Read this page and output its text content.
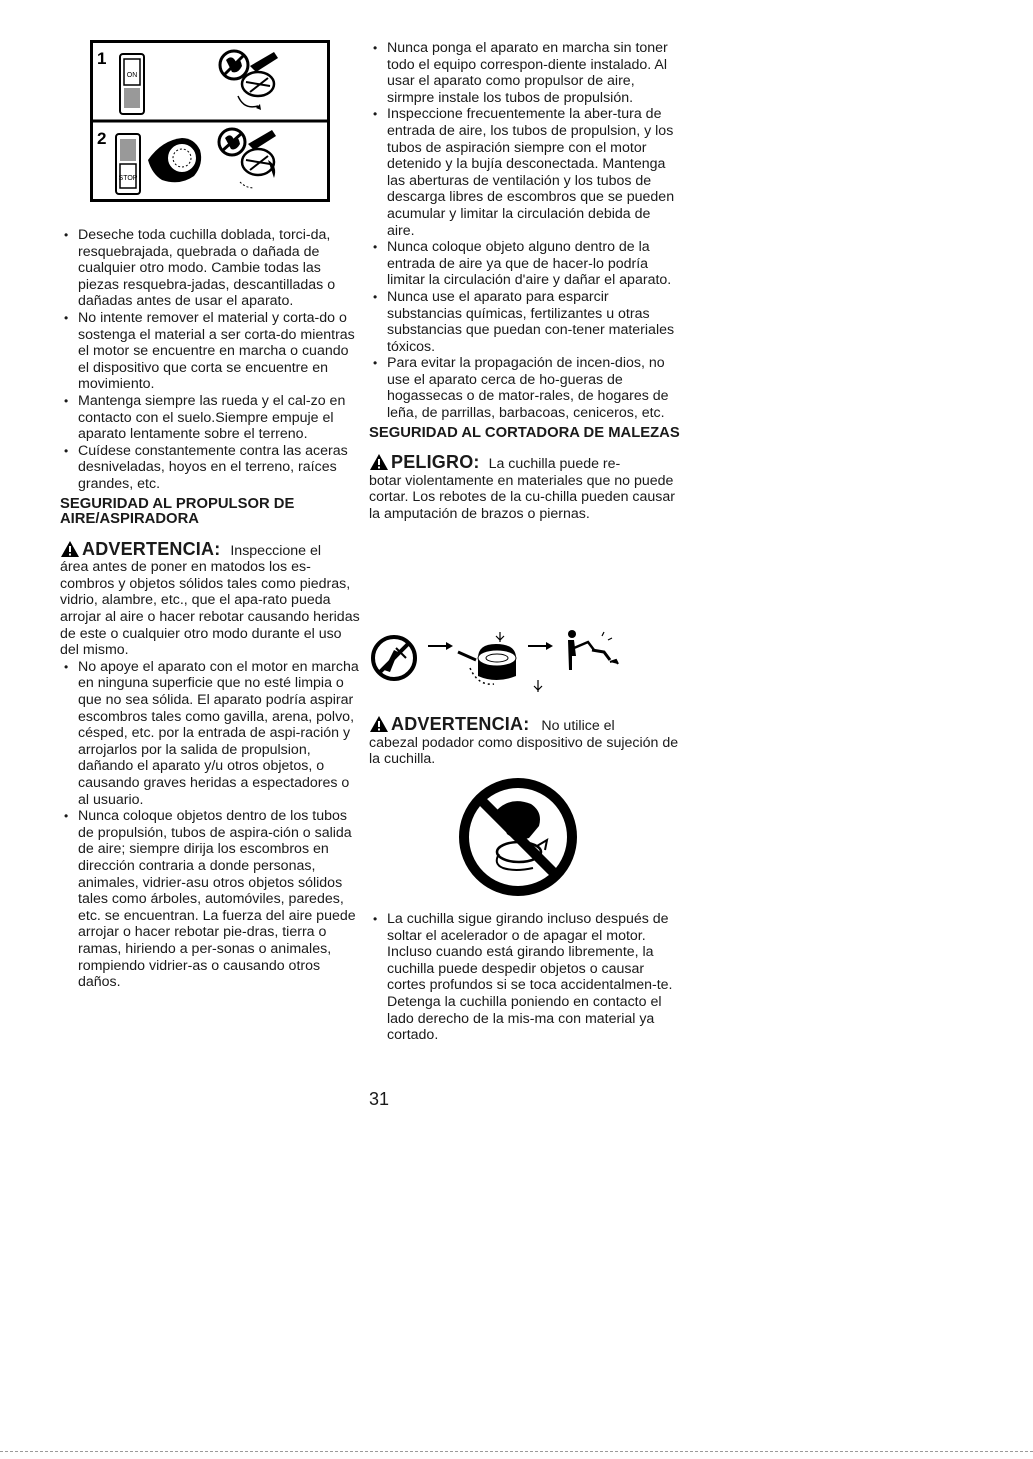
1
ON
2
STOP
• Deseche toda cuchilla doblada, torci-da, resquebrajada, quebrada o dañada de cualquier otro modo. Cambie todas las piezas resquebra-jadas, descantilladas o dañadas antes de usar el aparato.
• No intente remover el material y corta-do o sostenga el material a ser corta-do mientras el motor se encuentre en marcha o cuando el dispositivo que corta se encuentre en movimiento.
• Mantenga siempre las rueda y el cal-zo en contacto con el suelo.Siempre empuje el aparato lentamente sobre el terreno.
• Cuídese constantemente contra las aceras desniveladas, hoyos en el terreno, raíces grandes, etc.
SEGURIDAD AL PROPULSOR DE AIRE/ASPIRADORA
ADVERTENCIA: Inspeccione el
área antes de poner en matodos los es-combros y objetos sólidos tales como piedras, vidrio, alambre, etc., que el apa-rato pueda arrojar al aire o hacer rebotar causando heridas de este o cualquier otro modo durante el uso del mismo.
• No apoye el aparato con el motor en marcha en ninguna superficie que no esté limpia o que no sea sólida. El aparato podría aspirar escombros tales como gavilla, arena, polvo, césped, etc. por la entrada de aspi-ración y arrojarlos por la salida de propulsion, dañando el aparato y/u otros objetos, o causando graves heridas a espectadores o al usuario.
• Nunca coloque objetos dentro de los tubos de propulsión, tubos de aspira-ción o salida de aire; siempre dirija los escombros en dirección contraria a donde personas, animales, vidrier-asu otros objetos sólidos tales como árboles, automóviles, paredes, etc. se encuentran. La fuerza del aire puede arrojar o hacer rebotar pie-dras, tierra o ramas, hiriendo a per-sonas o animales, rompiendo vidrier-as o causando otros daños.
• Nunca ponga el aparato en marcha sin toner todo el equipo correspon-diente instalado. Al usar el aparato como propulsor de aire, sirmpre instale los tubos de propulsión.
• Inspeccione frecuentemente la aber-tura de entrada de aire, los tubos de propulsion, y los tubos de aspiración siempre con el motor detenido y la bujía desconectada. Mantenga las aberturas de ventilación y los tubos de descarga libres de escombros que se pueden acumular y limitar la circulación debida de aire.
• Nunca coloque objeto alguno dentro de la entrada de aire ya que de hacer-lo podría limitar la circulación d'aire y dañar el aparato.
• Nunca use el aparato para esparcir substancias químicas, fertilizantes u otras substancias que puedan con-tener materiales tóxicos.
• Para evitar la propagación de incen-dios, no use el aparato cerca de ho-gueras de hogassecas o de mator-rales, de hogares de leña, de parrillas, barbacoas, ceniceros, etc.
SEGURIDAD AL CORTADORA DE MALEZAS
PELIGRO: La cuchilla puede re-
botar violentamente en materiales que no puede cortar. Los rebotes de la cu-chilla pueden causar la amputación de brazos o piernas.
ADVERTENCIA: No utilice el
cabezal podador como dispositivo de sujeción de la cuchilla.
• La cuchilla sigue girando incluso después de soltar el acelerador o de apagar el motor. Incluso cuando está girando libremente, la cuchilla puede despedir objetos o causar cortes profundos si se toca accidentalmen-te. Detenga la cuchilla poniendo en contacto el lado derecho de la mis-ma con material ya cortado.
31
